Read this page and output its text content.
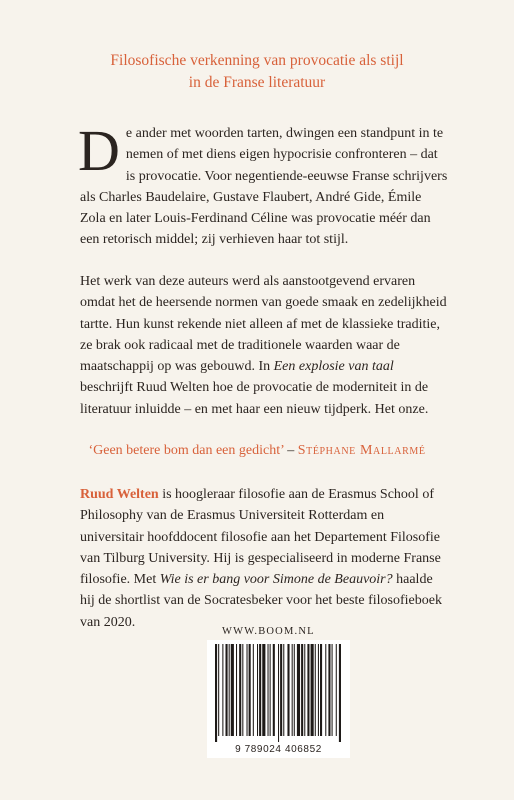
Filosofische verkenning van provocatie als stijl
in de Franse literatuur
D e ander met woorden tarten, dwingen een standpunt in te nemen of met diens eigen hypocrisie confronteren – dat is provocatie. Voor negentiende-eeuwse Franse schrijvers als Charles Baudelaire, Gustave Flaubert, André Gide, Émile Zola en later Louis-Ferdinand Céline was provocatie méér dan een retorisch middel; zij verhieven haar tot stijl.
Het werk van deze auteurs werd als aanstootgevend ervaren omdat het de heersende normen van goede smaak en zedelijkheid tartte. Hun kunst rekende niet alleen af met de klassieke traditie, ze brak ook radicaal met de traditionele waarden waar de maatschappij op was gebouwd. In Een explosie van taal beschrijft Ruud Welten hoe de provocatie de moderniteit in de literatuur inluidde – en met haar een nieuw tijdperk. Het onze.
‘Geen betere bom dan een gedicht’ – Stéphane Mallarmé
Ruud Welten is hoogleraar filosofie aan de Erasmus School of Philosophy van de Erasmus Universiteit Rotterdam en universitair hoofddocent filosofie aan het Departement Filosofie van Tilburg University. Hij is gespecialiseerd in moderne Franse filosofie. Met Wie is er bang voor Simone de Beauvoir? haalde hij de shortlist van de Socratesbeker voor het beste filosofieboek van 2020.
WWW.BOOM.NL
9 789024 406852
